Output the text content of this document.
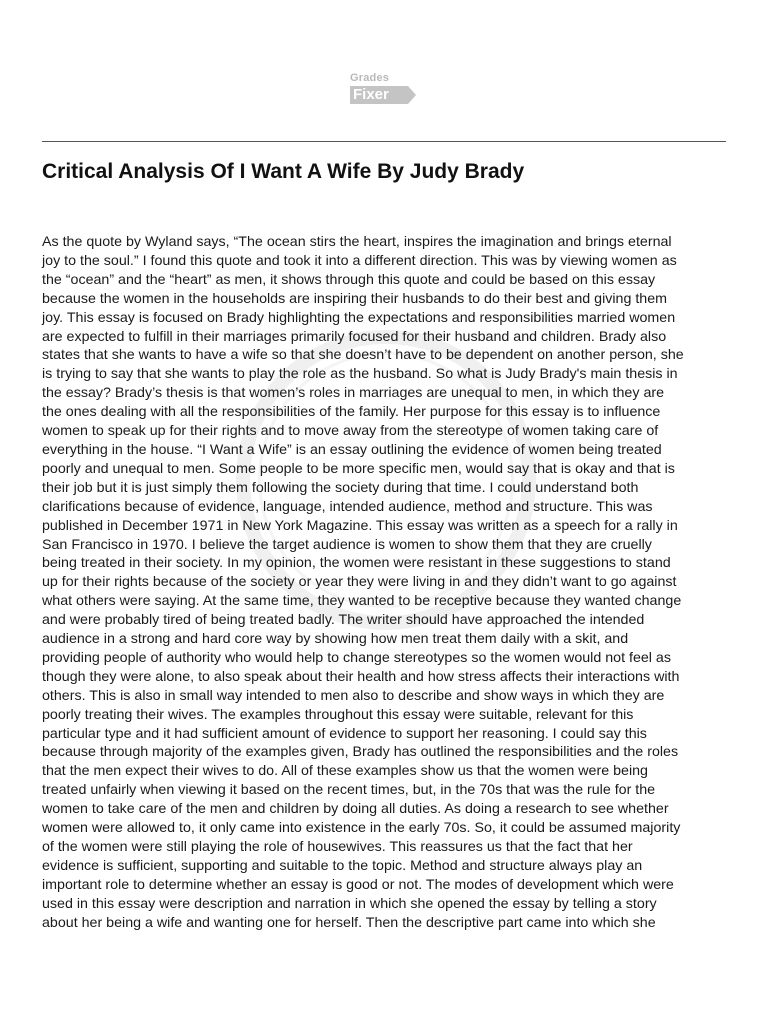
Grades
Fixer
Critical Analysis Of I Want A Wife By Judy Brady
As the quote by Wyland says, “The ocean stirs the heart, inspires the imagination and brings eternal
joy to the soul.” I found this quote and took it into a different direction. This was by viewing women as
the “ocean” and the “heart” as men, it shows through this quote and could be based on this essay
because the women in the households are inspiring their husbands to do their best and giving them
joy. This essay is focused on Brady highlighting the expectations and responsibilities married women
are expected to fulfill in their marriages primarily focused for their husband and children. Brady also
states that she wants to have a wife so that she doesn’t have to be dependent on another person, she
is trying to say that she wants to play the role as the husband. So what is Judy Brady's main thesis in
the essay? Brady’s thesis is that women’s roles in marriages are unequal to men, in which they are
the ones dealing with all the responsibilities of the family. Her purpose for this essay is to influence
women to speak up for their rights and to move away from the stereotype of women taking care of
everything in the house. “I Want a Wife” is an essay outlining the evidence of women being treated
poorly and unequal to men. Some people to be more specific men, would say that is okay and that is
their job but it is just simply them following the society during that time. I could understand both
clarifications because of evidence, language, intended audience, method and structure. This was
published in December 1971 in New York Magazine. This essay was written as a speech for a rally in
San Francisco in 1970. I believe the target audience is women to show them that they are cruelly
being treated in their society. In my opinion, the women were resistant in these suggestions to stand
up for their rights because of the society or year they were living in and they didn’t want to go against
what others were saying. At the same time, they wanted to be receptive because they wanted change
and were probably tired of being treated badly. The writer should have approached the intended
audience in a strong and hard core way by showing how men treat them daily with a skit, and
providing people of authority who would help to change stereotypes so the women would not feel as
though they were alone, to also speak about their health and how stress affects their interactions with
others. This is also in small way intended to men also to describe and show ways in which they are
poorly treating their wives. The examples throughout this essay were suitable, relevant for this
particular type and it had sufficient amount of evidence to support her reasoning. I could say this
because through majority of the examples given, Brady has outlined the responsibilities and the roles
that the men expect their wives to do. All of these examples show us that the women were being
treated unfairly when viewing it based on the recent times, but, in the 70s that was the rule for the
women to take care of the men and children by doing all duties. As doing a research to see whether
women were allowed to, it only came into existence in the early 70s. So, it could be assumed majority
of the women were still playing the role of housewives. This reassures us that the fact that her
evidence is sufficient, supporting and suitable to the topic. Method and structure always play an
important role to determine whether an essay is good or not. The modes of development which were
used in this essay were description and narration in which she opened the essay by telling a story
about her being a wife and wanting one for herself. Then the descriptive part came into which she
